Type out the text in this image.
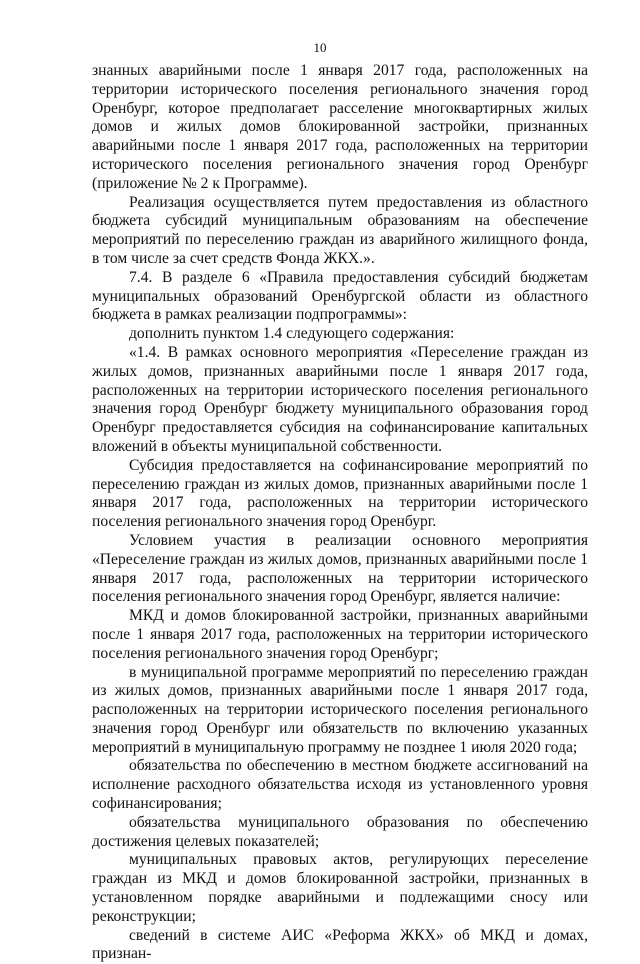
10

знанных аварийными после 1 января 2017 года, расположенных на территории исторического поселения регионального значения город Оренбург, которое предполагает расселение многоквартирных жилых домов и жилых домов блокированной застройки, признанных аварийными после 1 января 2017 года, расположенных на территории исторического поселения регионального значения город Оренбург (приложение № 2 к Программе).

Реализация осуществляется путем предоставления из областного бюджета субсидий муниципальным образованиям на обеспечение мероприятий по переселению граждан из аварийного жилищного фонда, в том числе за счет средств Фонда ЖКХ.».

7.4. В разделе 6 «Правила предоставления субсидий бюджетам муниципальных образований Оренбургской области из областного бюджета в рамках реализации подпрограммы»:

дополнить пунктом 1.4 следующего содержания:

«1.4. В рамках основного мероприятия «Переселение граждан из жилых домов, признанных аварийными после 1 января 2017 года, расположенных на территории исторического поселения регионального значения город Оренбург бюджету муниципального образования город Оренбург предоставляется субсидия на софинансирование капитальных вложений в объекты муниципальной собственности.

Субсидия предоставляется на софинансирование мероприятий по переселению граждан из жилых домов, признанных аварийными после 1 января 2017 года, расположенных на территории исторического поселения регионального значения город Оренбург.

Условием участия в реализации основного мероприятия «Переселение граждан из жилых домов, признанных аварийными после 1 января 2017 года, расположенных на территории исторического поселения регионального значения город Оренбург, является наличие:

МКД и домов блокированной застройки, признанных аварийными после 1 января 2017 года, расположенных на территории исторического поселения регионального значения город Оренбург;

в муниципальной программе мероприятий по переселению граждан из жилых домов, признанных аварийными после 1 января 2017 года, расположенных на территории исторического поселения регионального значения город Оренбург или обязательств по включению указанных мероприятий в муниципальную программу не позднее 1 июля 2020 года;

обязательства по обеспечению в местном бюджете ассигнований на исполнение расходного обязательства исходя из установленного уровня софинансирования;

обязательства муниципального образования по обеспечению достижения целевых показателей;

муниципальных правовых актов, регулирующих переселение граждан из МКД и домов блокированной застройки, признанных в установленном порядке аварийными и подлежащими сносу или реконструкции;

сведений в системе АИС «Реформа ЖКХ» об МКД и домах, признан-
